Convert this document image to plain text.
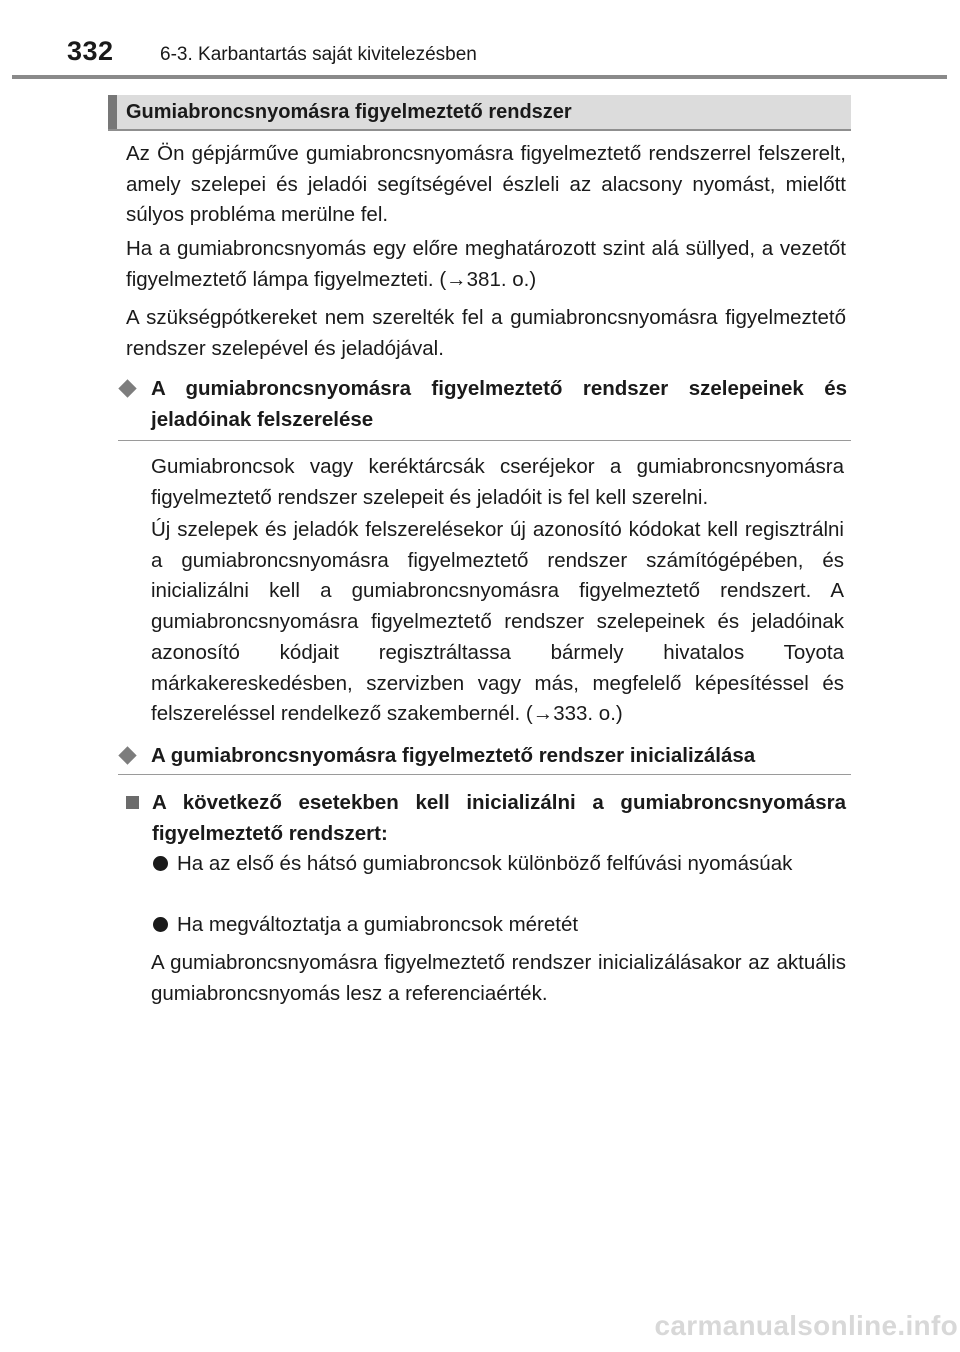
332 6-3. Karbantartás saját kivitelezésben
Gumiabroncsnyomásra figyelmeztető rendszer
Az Ön gépjárműve gumiabroncsnyomásra figyelmeztető rendszerrel felszerelt, amely szelepei és jeladói segítségével észleli az alacsony nyomást, mielőtt súlyos probléma merülne fel.
Ha a gumiabroncsnyomás egy előre meghatározott szint alá süllyed, a vezetőt figyelmeztető lámpa figyelmezteti. (→381. o.)
A szükségpótkereket nem szerelték fel a gumiabroncsnyomásra figyelmeztető rendszer szelepével és jeladójával.
A gumiabroncsnyomásra figyelmeztető rendszer szelepeinek és jeladóinak felszerelése
Gumiabroncsok vagy keréktárcsák cseréjekor a gumiabroncsnyomásra figyelmeztető rendszer szelepeit és jeladóit is fel kell szerelni.
Új szelepek és jeladók felszerelésekor új azonosító kódokat kell regisztrálni a gumiabroncsnyomásra figyelmeztető rendszer számítógépében, és inicializálni kell a gumiabroncsnyomásra figyelmeztető rendszert. A gumiabroncsnyomásra figyelmeztető rendszer szelepeinek és jeladóinak azonosító kódjait regisztráltassa bármely hivatalos Toyota márkakereskedésben, szervizben vagy más, megfelelő képesítéssel és felszereléssel rendelkező szakembernél. (→333. o.)
A gumiabroncsnyomásra figyelmeztető rendszer inicializálása
A következő esetekben kell inicializálni a gumiabroncsnyomásra figyelmeztető rendszert:
Ha az első és hátsó gumiabroncsok különböző felfúvási nyomásúak
Ha megváltoztatja a gumiabroncsok méretét
A gumiabroncsnyomásra figyelmeztető rendszer inicializálásakor az aktuális gumiabroncsnyomás lesz a referenciaérték.
carmanualsonline.info
